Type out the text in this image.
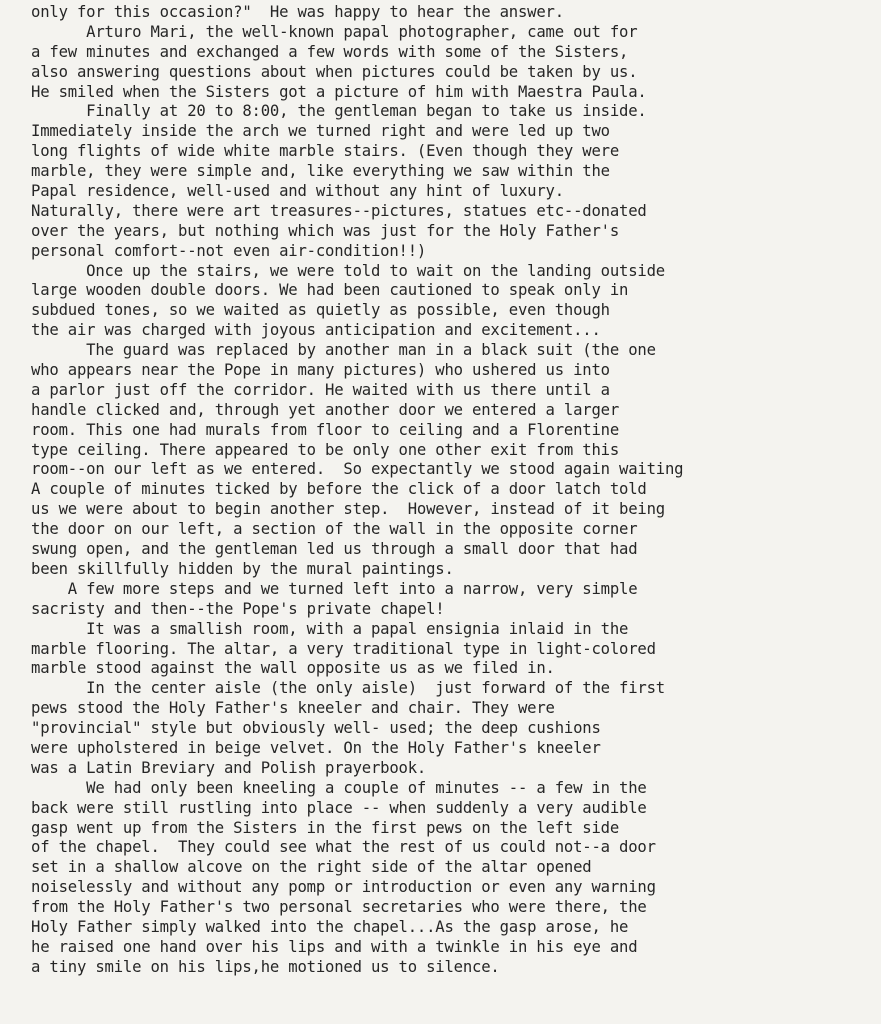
only for this occasion?"  He was happy to hear the answer.
Arturo Mari, the well-known papal photographer, came out for
a few minutes and exchanged a few words with some of the Sisters,
also answering questions about when pictures could be taken by us.
He smiled when the Sisters got a picture of him with Maestra Paula.
Finally at 20 to 8:00, the gentleman began to take us inside.
Immediately inside the arch we turned right and were led up two
long flights of wide white marble stairs. (Even though they were
marble, they were simple and, like everything we saw within the
Papal residence, well-used and without any hint of luxury.
Naturally, there were art treasures--pictures, statues etc--donated
over the years, but nothing which was just for the Holy Father's
personal comfort--not even air-condition!!)
Once up the stairs, we were told to wait on the landing outside
large wooden double doors. We had been cautioned to speak only in
subdued tones, so we waited as quietly as possible, even though
the air was charged with joyous anticipation and excitement...
The guard was replaced by another man in a black suit (the one
who appears near the Pope in many pictures) who ushered us into
a parlor just off the corridor. He waited with us there until a
handle clicked and, through yet another door we entered a larger
room. This one had murals from floor to ceiling and a Florentine
type ceiling. There appeared to be only one other exit from this
room--on our left as we entered.  So expectantly we stood again waiting
A couple of minutes ticked by before the click of a door latch told
us we were about to begin another step.  However, instead of it being
the door on our left, a section of the wall in the opposite corner
swung open, and the gentleman led us through a small door that had
been skillfully hidden by the mural paintings.
A few more steps and we turned left into a narrow, very simple
sacristy and then--the Pope's private chapel!
It was a smallish room, with a papal ensignia inlaid in the
marble flooring. The altar, a very traditional type in light-colored
marble stood against the wall opposite us as we filed in.
In the center aisle (the only aisle)  just forward of the first
pews stood the Holy Father's kneeler and chair. They were
"provincial" style but obviously well- used; the deep cushions
were upholstered in beige velvet. On the Holy Father's kneeler
was a Latin Breviary and Polish prayerbook.
We had only been kneeling a couple of minutes -- a few in the
back were still rustling into place -- when suddenly a very audible
gasp went up from the Sisters in the first pews on the left side
of the chapel.  They could see what the rest of us could not--a door
set in a shallow alcove on the right side of the altar opened
noiselessly and without any pomp or introduction or even any warning
from the Holy Father's two personal secretaries who were there, the
Holy Father simply walked into the chapel...As the gasp arose, he
he raised one hand over his lips and with a twinkle in his eye and
a tiny smile on his lips,he motioned us to silence.
